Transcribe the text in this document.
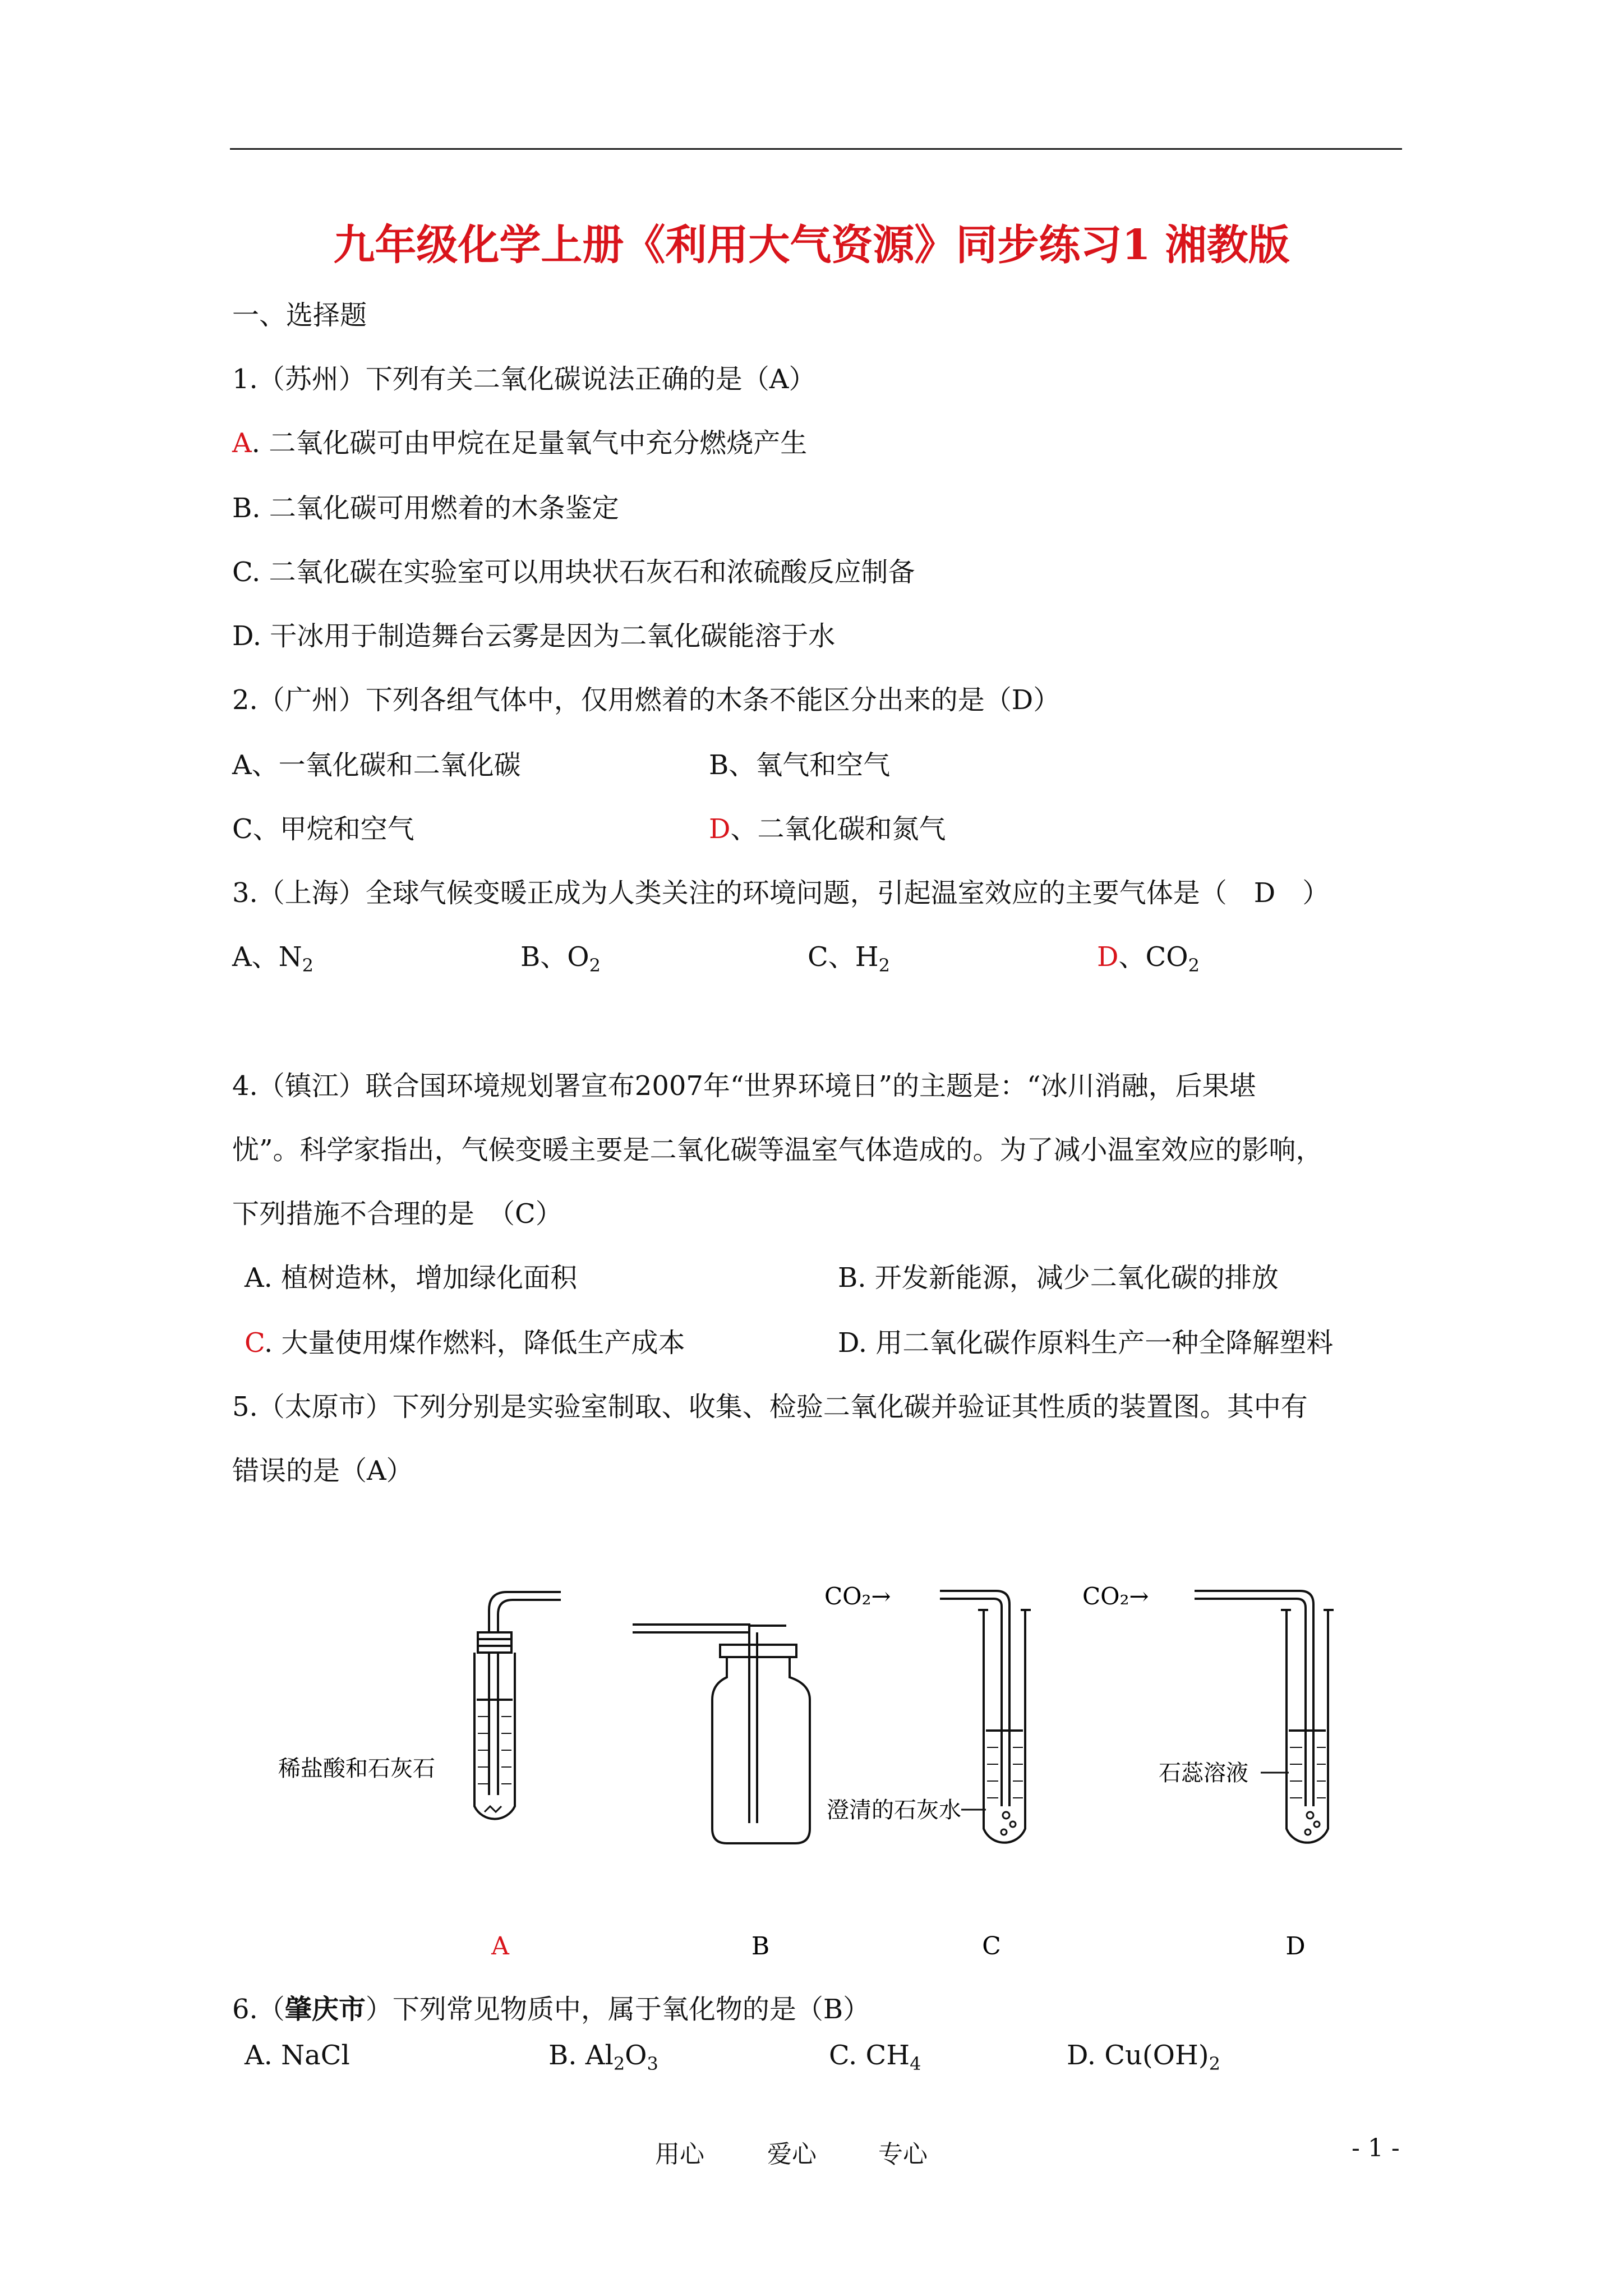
九年级化学上册《利用大气资源》同步练习1 湘教版
一、选择题
1.（苏州）下列有关二氧化碳说法正确的是（A）
A. 二氧化碳可由甲烷在足量氧气中充分燃烧产生
B. 二氧化碳可用燃着的木条鉴定
C. 二氧化碳在实验室可以用块状石灰石和浓硫酸反应制备
D. 干冰用于制造舞台云雾是因为二氧化碳能溶于水
2.（广州）下列各组气体中，仅用燃着的木条不能区分出来的是（D）
A、一氧化碳和二氧化碳	B、氧气和空气
C、甲烷和空气	D、二氧化碳和氮气
3.（上海）全球气候变暖正成为人类关注的环境问题，引起温室效应的主要气体是（　D　）
A、$N_2$	B、$O_2$	C、$H_2$	D、$CO_2$
4.（镇江）联合国环境规划署宣布2007年“世界环境日”的主题是：“冰川消融，后果堪
忧”。科学家指出，气候变暖主要是二氧化碳等温室气体造成的。为了减小温室效应的影响，
下列措施不合理的是　（C）
A. 植树造林，增加绿化面积	B. 开发新能源，减少二氧化碳的排放
C. 大量使用煤作燃料，降低生产成本	D. 用二氧化碳作原料生产一种全降解塑料
5.（太原市）下列分别是实验室制取、收集、检验二氧化碳并验证其性质的装置图。其中有
错误的是（A）
CO₂→	CO₂→
稀盐酸和石灰石
澄清的石灰水
石蕊溶液
A	B	C	D
6.（肇庆市）下列常见物质中，属于氧化物的是（B）
A. NaCl	B. $Al_2O_3$	C. $CH_4$	D. $Cu(OH)_2$
用心	爱心	专心	- 1 -
